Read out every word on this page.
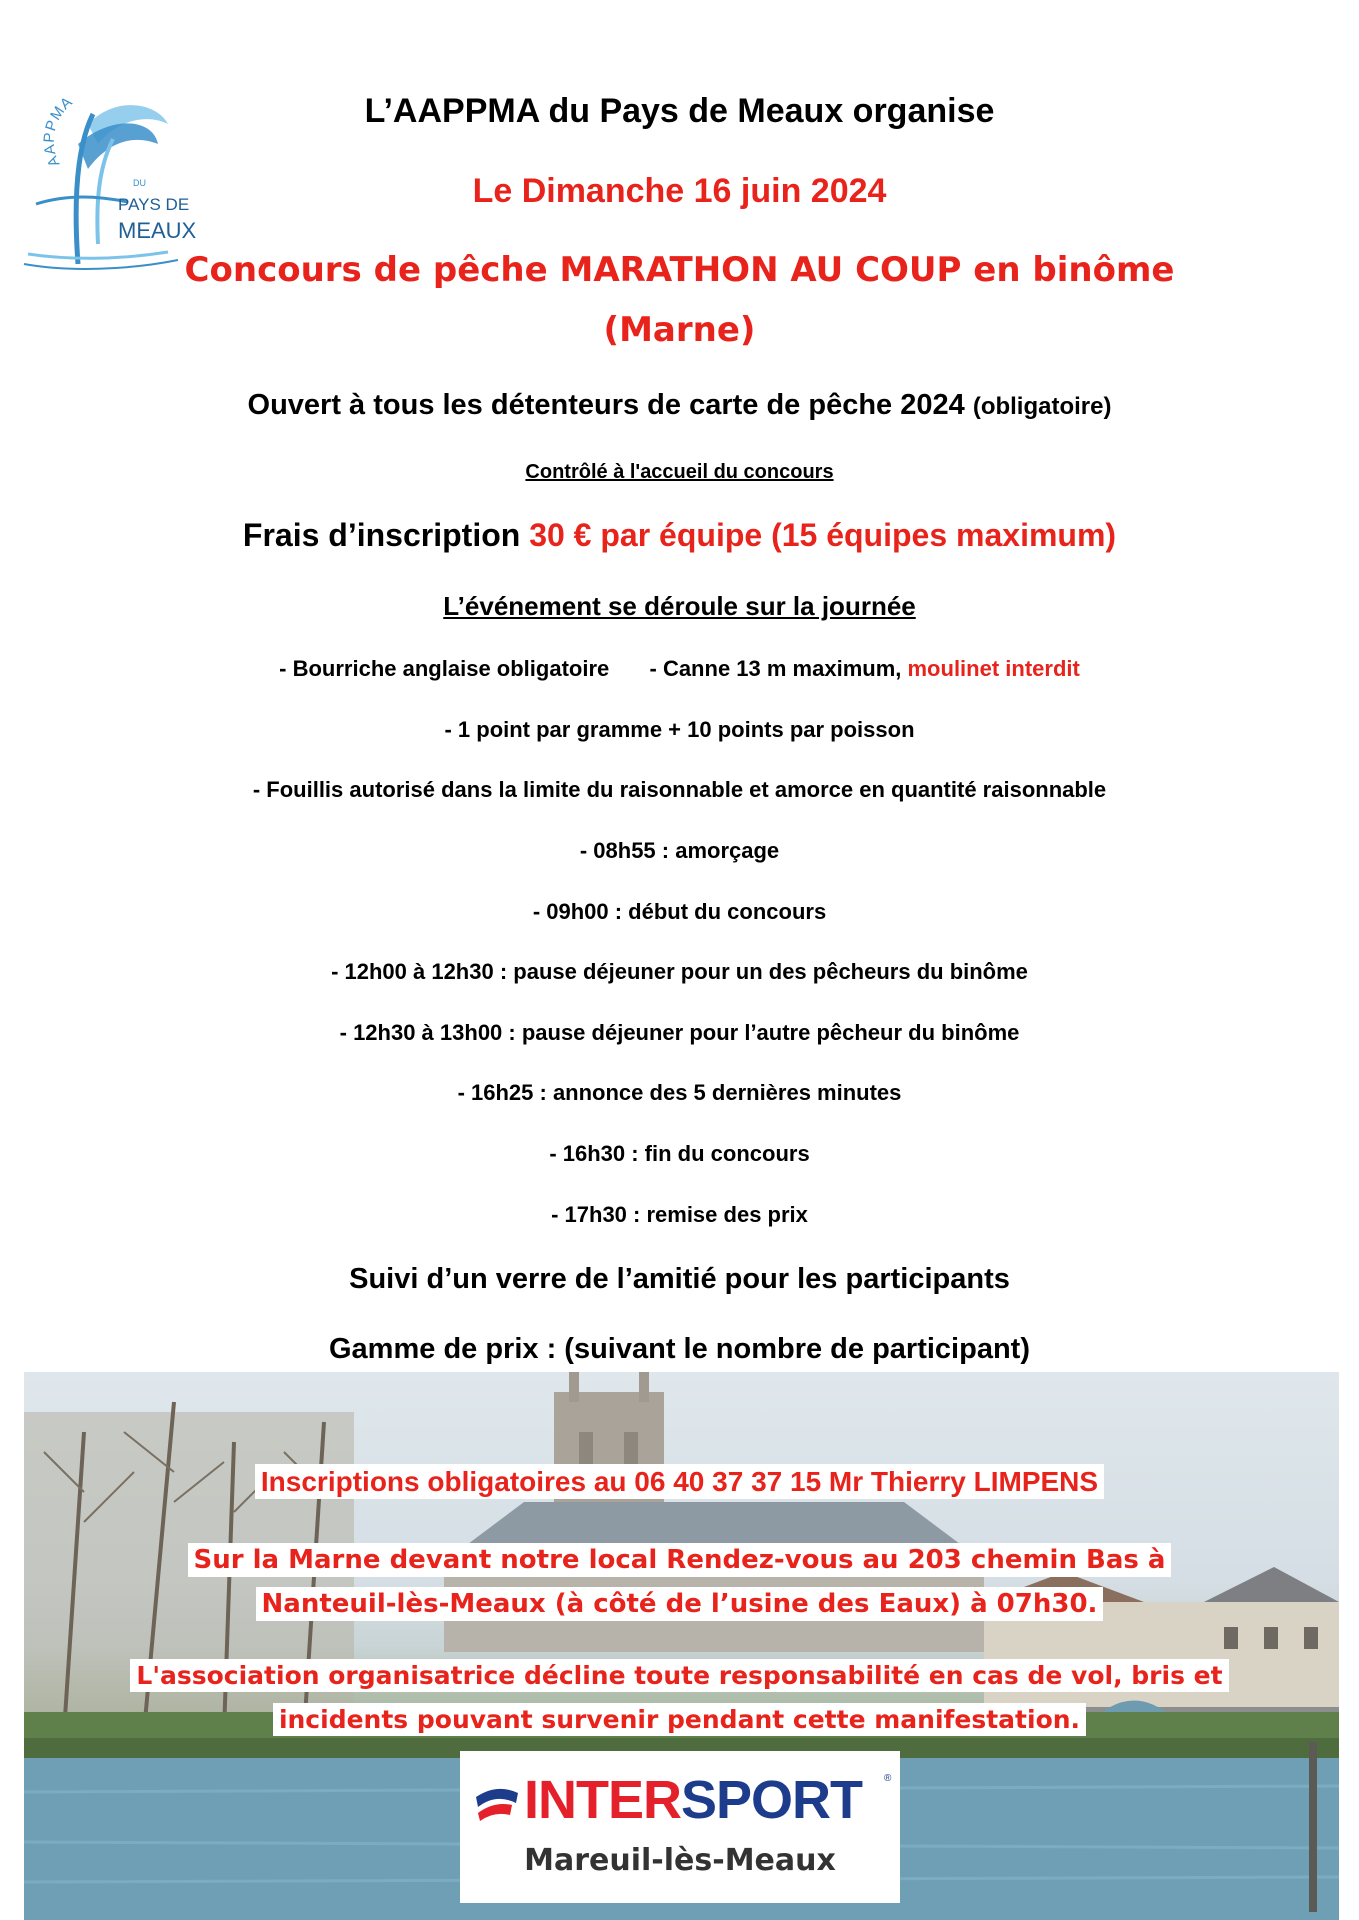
AAPPMA
DU
PAYS DE
MEAUX
L’AAPPMA du Pays de Meaux organise
Le Dimanche 16 juin 2024
Concours de pêche MARATHON AU COUP en binôme
(Marne)
Ouvert à tous les détenteurs de carte de pêche 2024 (obligatoire)
Contrôlé à l'accueil du concours
Frais d’inscription 30 € par équipe (15 équipes maximum)
L’événement se déroule sur la journée
- Bourriche anglaise obligatoire - Canne 13 m maximum, moulinet interdit
- 1 point par gramme + 10 points par poisson
- Fouillis autorisé dans la limite du raisonnable et amorce en quantité raisonnable
- 08h55 : amorçage
- 09h00 : début du concours
- 12h00 à 12h30 : pause déjeuner pour un des pêcheurs du binôme
- 12h30 à 13h00 : pause déjeuner pour l’autre pêcheur du binôme
- 16h25 : annonce des 5 dernières minutes
- 16h30 : fin du concours
- 17h30 : remise des prix
Suivi d’un verre de l’amitié pour les participants
Gamme de prix : (suivant le nombre de participant)
Inscriptions obligatoires au 06 40 37 37 15 Mr Thierry LIMPENS
Sur la Marne devant notre local Rendez-vous au 203 chemin Bas à
Nanteuil-lès-Meaux (à côté de l’usine des Eaux) à 07h30.
L'association organisatrice décline toute responsabilité en cas de vol, bris et
incidents pouvant survenir pendant cette manifestation.
INTERSPORT ®
Mareuil-lès-Meaux
